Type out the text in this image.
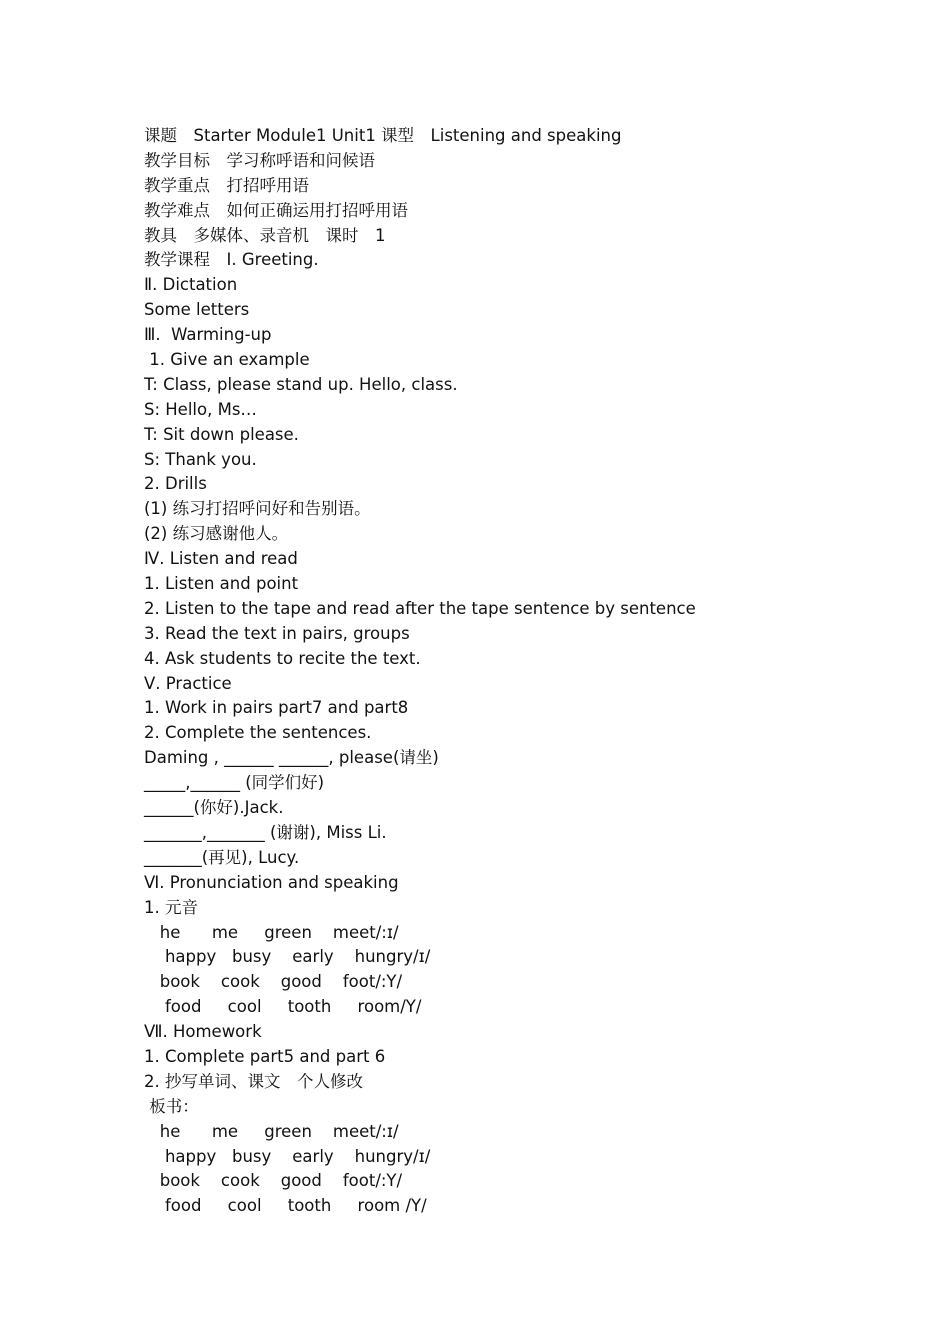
课题　Starter Module1 Unit1 课型　Listening and speaking
教学目标　学习称呼语和问候语
教学重点　打招呼用语
教学难点　如何正确运用打招呼用语
教具　多媒体、录音机　课时　1
教学课程　Ⅰ. Greeting.
Ⅱ. Dictation
Some letters
Ⅲ.  Warming-up
1. Give an example
T: Class, please stand up. Hello, class.
S: Hello, Ms…
T: Sit down please.
S: Thank you.
2. Drills
(1) 练习打招呼问好和告别语。
(2) 练习感谢他人。
Ⅳ. Listen and read
1. Listen and point
2. Listen to the tape and read after the tape sentence by sentence
3. Read the text in pairs, groups
4. Ask students to recite the text.
Ⅴ. Practice
1. Work in pairs part7 and part8
2. Complete the sentences.
Daming , ______ ______, please(请坐)
_____,______ (同学们好)
______(你好).Jack.
_______,_______ (谢谢), Miss Li.
_______(再见), Lucy.
Ⅵ. Pronunciation and speaking
1. 元音
he      me     green    meet/:ɪ/
happy   busy    early    hungry/ɪ/
book    cook    good    foot/:Y/
food     cool     tooth     room/Y/
Ⅶ. Homework
1. Complete part5 and part 6
2. 抄写单词、课文　个人修改
板书：
he      me     green    meet/:ɪ/
happy   busy    early    hungry/ɪ/
book    cook    good    foot/:Y/
food     cool     tooth     room /Y/
